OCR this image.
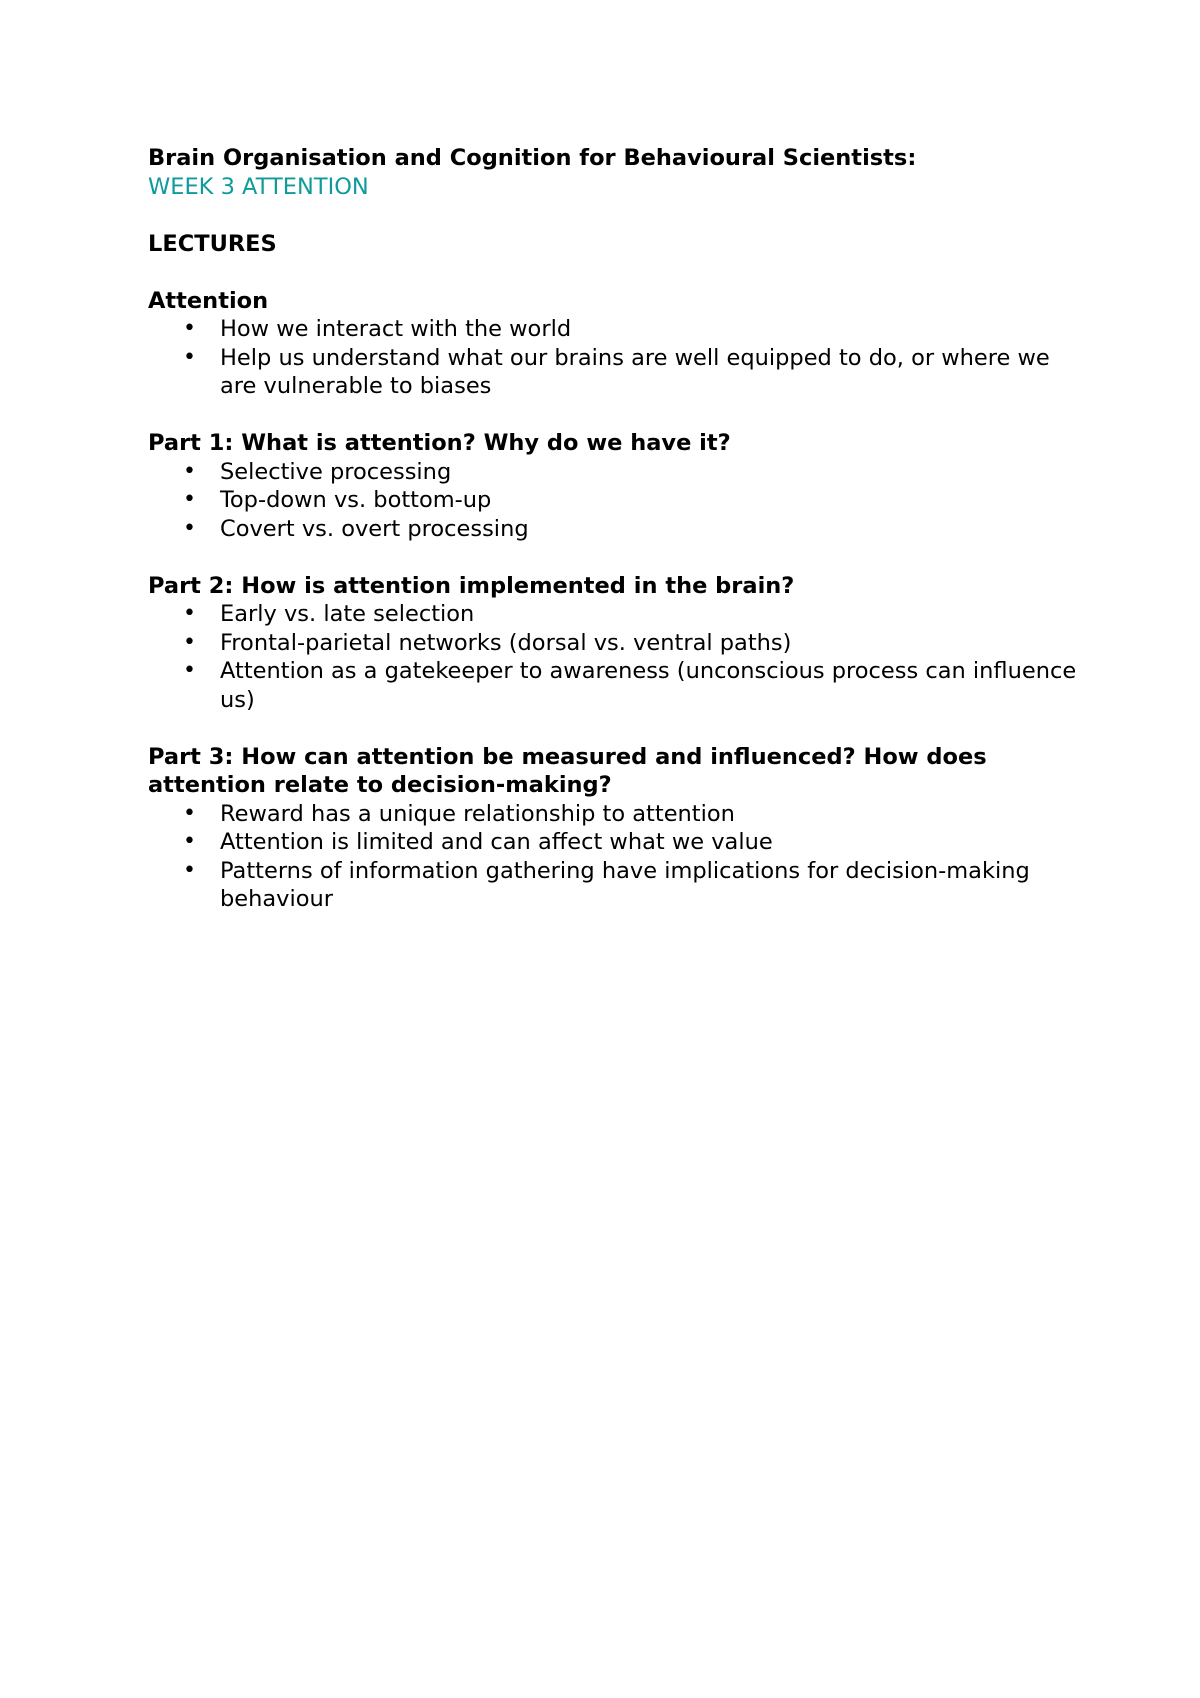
Brain Organisation and Cognition for Behavioural Scientists:
WEEK 3 ATTENTION
LECTURES
Attention
• How we interact with the world
• Help us understand what our brains are well equipped to do, or where we are vulnerable to biases
Part 1: What is attention? Why do we have it?
• Selective processing
• Top-down vs. bottom-up
• Covert vs. overt processing
Part 2: How is attention implemented in the brain?
• Early vs. late selection
• Frontal-parietal networks (dorsal vs. ventral paths)
• Attention as a gatekeeper to awareness (unconscious process can influence us)
Part 3: How can attention be measured and influenced? How does attention relate to decision-making?
• Reward has a unique relationship to attention
• Attention is limited and can affect what we value
• Patterns of information gathering have implications for decision-making behaviour
